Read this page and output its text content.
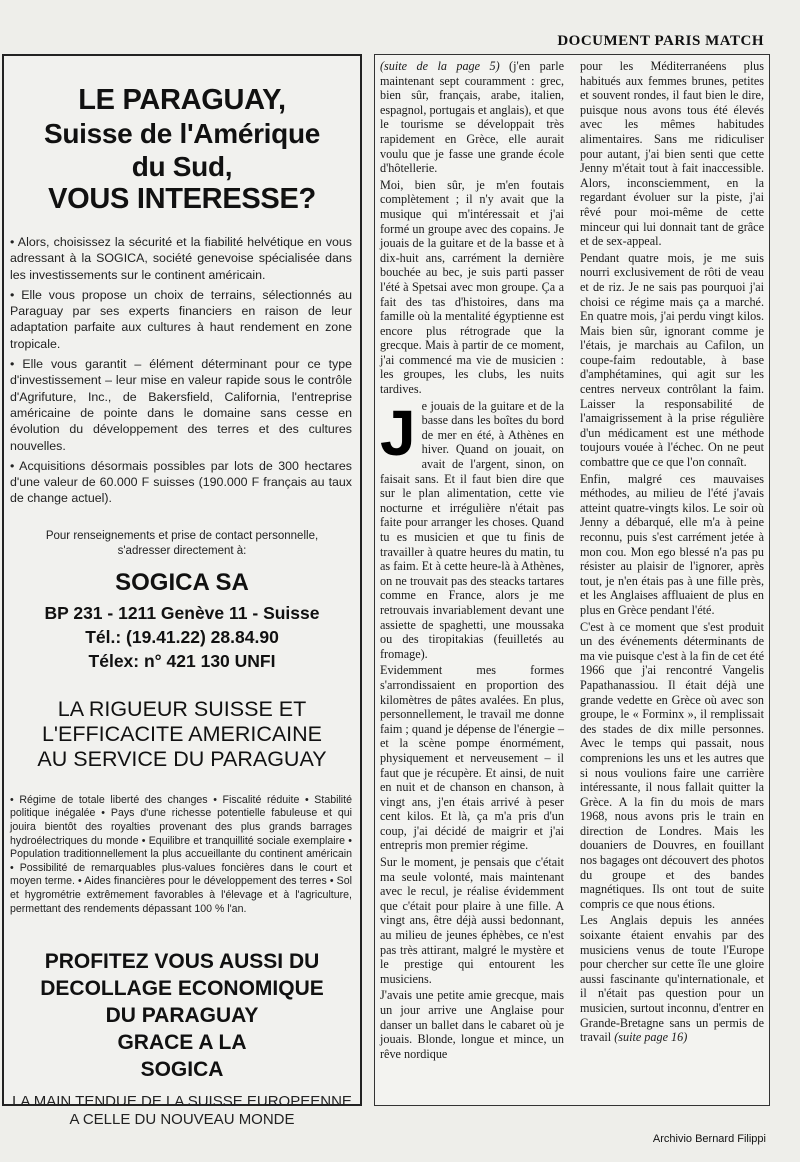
DOCUMENT PARIS MATCH
LE PARAGUAY,
Suisse de l'Amérique
du Sud,
VOUS INTERESSE?

• Alors, choisissez la sécurité et la fiabilité helvétique en vous adressant à la SOGICA, société genevoise spécialisée dans les investissements sur le continent américain.

• Elle vous propose un choix de terrains, sélectionnés au Paraguay par ses experts financiers en raison de leur adaptation parfaite aux cultures à haut rendement en zone tropicale.

• Elle vous garantit – élément déterminant pour ce type d'investissement – leur mise en valeur rapide sous le contrôle d'Agrifuture, Inc., de Bakersfield, California, l'entreprise américaine de pointe dans le domaine sans cesse en évolution du développement des terres et des cultures nouvelles.

• Acquisitions désormais possibles par lots de 300 hectares d'une valeur de 60.000 F suisses (190.000 F français au taux de change actuel).

Pour renseignements et prise de contact personnelle,
s'adresser directement à:
SOGICA SA
BP 231 - 1211 Genève 11 - Suisse
Tél.: (19.41.22) 28.84.90
Télex: n° 421 130 UNFI
LA RIGUEUR SUISSE ET
L'EFFICACITE AMERICAINE
AU SERVICE DU PARAGUAY
• Régime de totale liberté des changes • Fiscalité réduite • Stabilité politique inégalée • Pays d'une richesse potentielle fabuleuse et qui jouira bientôt des royalties provenant des plus grands barrages hydroélectriques du monde • Equilibre et tranquillité sociale exemplaire • Population traditionnellement la plus accueillante du continent américain • Possibilité de remarquables plus-values foncières dans le court et moyen terme. • Aides financières pour le développement des terres • Sol et hygrométrie extrêmement favorables à l'élevage et à l'agriculture, permettant des rendements dépassant 100 % l'an.
PROFITEZ VOUS AUSSI DU
DECOLLAGE ECONOMIQUE
DU PARAGUAY
GRACE A LA
SOGICA
LA MAIN TENDUE DE LA SUISSE EUROPEENNE
A CELLE DU NOUVEAU MONDE

(suite de la page 5) (j'en parle maintenant sept couramment : grec, bien sûr, français, arabe, italien, espagnol, portugais et anglais), et que le tourisme se développait très rapidement en Grèce, elle aurait voulu que je fasse une grande école d'hôtellerie.

Moi, bien sûr, je m'en foutais complètement ; il n'y avait que la musique qui m'intéressait et j'ai formé un groupe avec des copains. Je jouais de la guitare et de la basse et à dix-huit ans, carrément la dernière bouchée au bec, je suis parti passer l'été à Spetsai avec mon groupe. Ça a fait des tas d'histoires, dans ma famille où la mentalité égyptienne est encore plus rétrograde que la grecque. Mais à partir de ce moment, j'ai commencé ma vie de musicien : les groupes, les clubs, les nuits tardives.

Je jouais de la guitare et de la basse dans les boîtes du bord de mer en été, à Athènes en hiver. Quand on jouait, on avait de l'argent, sinon, on faisait sans. Et il faut bien dire que sur le plan alimentation, cette vie nocturne et irrégulière n'était pas faite pour arranger les choses. Quand tu es musicien et que tu finis de travailler à quatre heures du matin, tu as faim. Et à cette heure-là à Athènes, on ne trouvait pas des steacks tartares comme en France, alors je me retrouvais invariablement devant une assiette de spaghetti, une moussaka ou des tiropitakias (feuilletés au fromage).

Evidemment mes formes s'arrondissaient en proportion des kilomètres de pâtes avalées. En plus, personnellement, le travail me donne faim ; quand je dépense de l'énergie – et la scène pompe énormément, physiquement et nerveusement – il faut que je récupère. Et ainsi, de nuit en nuit et de chanson en chanson, à vingt ans, j'en étais arrivé à peser cent kilos. Et là, ça m'a pris d'un coup, j'ai décidé de maigrir et j'ai entrepris mon premier régime.

Sur le moment, je pensais que c'était ma seule volonté, mais maintenant avec le recul, je réalise évidemment que c'était pour plaire à une fille. A vingt ans, être déjà aussi bedonnant, au milieu de jeunes éphèbes, ce n'est pas très attirant, malgré le mystère et le prestige qui entourent les musiciens.

J'avais une petite amie grecque, mais un jour arrive une Anglaise pour danser un ballet dans le cabaret où je jouais. Blonde, longue et mince, un rêve nordique

pour les Méditerranéens plus habitués aux femmes brunes, petites et souvent rondes, il faut bien le dire, puisque nous avons tous été élevés avec les mêmes habitudes alimentaires. Sans me ridiculiser pour autant, j'ai bien senti que cette Jenny m'était tout à fait inaccessible. Alors, inconsciemment, en la regardant évoluer sur la piste, j'ai rêvé pour moi-même de cette minceur qui lui donnait tant de grâce et de sex-appeal.

Pendant quatre mois, je me suis nourri exclusivement de rôti de veau et de riz. Je ne sais pas pourquoi j'ai choisi ce régime mais ça a marché. En quatre mois, j'ai perdu vingt kilos. Mais bien sûr, ignorant comme je l'étais, je marchais au Cafilon, un coupe-faim redoutable, à base d'amphétamines, qui agit sur les centres nerveux contrôlant la faim. Laisser la responsabilité de l'amaigrissement à la prise régulière d'un médicament est une méthode toujours vouée à l'échec. On ne peut combattre que ce que l'on connaît.

Enfin, malgré ces mauvaises méthodes, au milieu de l'été j'avais atteint quatre-vingts kilos. Le soir où Jenny a débarqué, elle m'a à peine reconnu, puis s'est carrément jetée à mon cou. Mon ego blessé n'a pas pu résister au plaisir de l'ignorer, après tout, je n'en étais pas à une fille près, et les Anglaises affluaient de plus en plus en Grèce pendant l'été.

C'est à ce moment que s'est produit un des événements déterminants de ma vie puisque c'est à la fin de cet été 1966 que j'ai rencontré Vangelis Papathanassiou. Il était déjà une grande vedette en Grèce où avec son groupe, le « Forminx », il remplissait des stades de dix mille personnes. Avec le temps qui passait, nous comprenions les uns et les autres que si nous voulions faire une carrière intéressante, il nous fallait quitter la Grèce. A la fin du mois de mars 1968, nous avons pris le train en direction de Londres. Mais les douaniers de Douvres, en fouillant nos bagages ont découvert des photos du groupe et des bandes magnétiques. Ils ont tout de suite compris ce que nous étions.

Les Anglais depuis les années soixante étaient envahis par des musiciens venus de toute l'Europe pour chercher sur cette île une gloire aussi fascinante qu'internationale, et il n'était pas question pour un musicien, surtout inconnu, d'entrer en Grande-Bretagne sans un permis de travail (suite page 16)

Archivio Bernard Filippi
